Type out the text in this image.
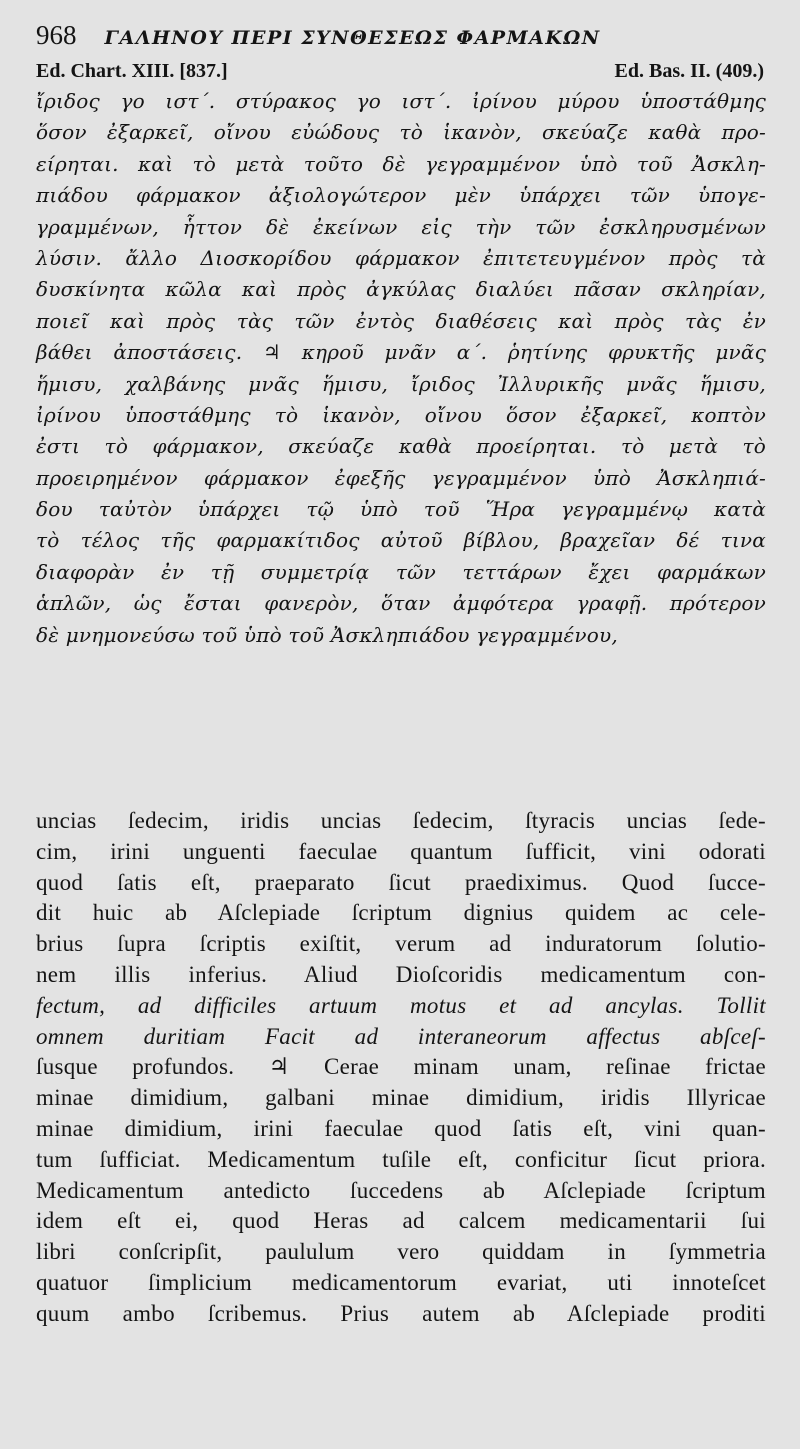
968 ΓΑΛΗΝΟΥ ΠΕΡΙ ΣΥΝΘΕΣΕΩΣ ΦΑΡΜΑΚΩΝ
Ed. Chart. XIII. [837.]	Ed. Bas. II. (409.)
ἴριδος γο ιστ΄. στύρακος γο ιστ΄. ἰρίνου μύρου ὑποστάθμης
ὅσον ἐξαρκεῖ, οἴνου εὐώδους τὸ ἱκανὸν, σκεύαζε καθὰ προ-
είρηται. καὶ τὸ μετὰ τοῦτο δὲ γεγραμμένον ὑπὸ τοῦ Ἀσκλη-
πιάδου φάρμακον ἀξιολογώτερον μὲν ὑπάρχει τῶν ὑπογε-
γραμμένων, ἧττον δὲ ἐκείνων εἰς τὴν τῶν ἐσκληρυσμένων
λύσιν. ἄλλο Διοσκορίδου φάρμακον ἐπιτετευγμένον πρὸς τὰ
δυσκίνητα κῶλα καὶ πρὸς ἀγκύλας διαλύει πᾶσαν σκληρίαν,
ποιεῖ καὶ πρὸς τὰς τῶν ἐντὸς διαθέσεις καὶ πρὸς τὰς ἐν
βάθει ἀποστάσεις. ♃ κηροῦ μνᾶν α΄. ῥητίνης φρυκτῆς μνᾶς
ἥμισυ, χαλβάνης μνᾶς ἥμισυ, ἴριδος Ἰλλυρικῆς μνᾶς ἥμισυ,
ἰρίνου ὑποστάθμης τὸ ἱκανὸν, οἴνου ὅσον ἐξαρκεῖ, κοπτὸν
ἐστι τὸ φάρμακον, σκεύαζε καθὰ προείρηται. τὸ μετὰ τὸ
προειρημένον φάρμακον ἐφεξῆς γεγραμμένον ὑπὸ Ἀσκληπιά-
δου ταὐτὸν ὑπάρχει τῷ ὑπὸ τοῦ Ἥρα γεγραμμένῳ κατὰ
τὸ τέλος τῆς φαρμακίτιδος αὐτοῦ βίβλου, βραχεῖαν δέ τινα
διαφορὰν ἐν τῇ συμμετρίᾳ τῶν τεττάρων ἔχει φαρμάκων
ἁπλῶν, ὡς ἔσται φανερὸν, ὅταν ἀμφότερα γραφῇ. πρότερον
δὲ μνημονεύσω τοῦ ὑπὸ τοῦ Ἀσκληπιάδου γεγραμμένου,
uncias ſedecim, iridis uncias ſedecim, ſtyracis uncias ſede-
cim, irini unguenti faeculae quantum ſufficit, vini odorati
quod ſatis eſt, praeparato ſicut praediximus. Quod ſucce-
dit huic ab Aſclepiade ſcriptum dignius quidem ac cele-
brius ſupra ſcriptis exiſtit, verum ad induratorum ſolutio-
nem illis inferius. Aliud Dioſcoridis medicamentum con-
fectum, ad difficiles artuum motus et ad ancylas. Tollit
omnem duritiam Facit ad interaneorum affectus abſceſ-
ſusque profundos. ♃ Cerae minam unam, reſinae frictae
minae dimidium, galbani minae dimidium, iridis Illyricae
minae dimidium, irini faeculae quod ſatis eſt, vini quan-
tum ſufficiat. Medicamentum tuſile eſt, conficitur ſicut priora.
Medicamentum antedicto ſuccedens ab Aſclepiade ſcriptum
idem eſt ei, quod Heras ad calcem medicamentarii ſui
libri conſcripſit, paululum vero quiddam in ſymmetria
quatuor ſimplicium medicamentorum evariat, uti innoteſcet
quum ambo ſcribemus. Prius autem ab Aſclepiade proditi
